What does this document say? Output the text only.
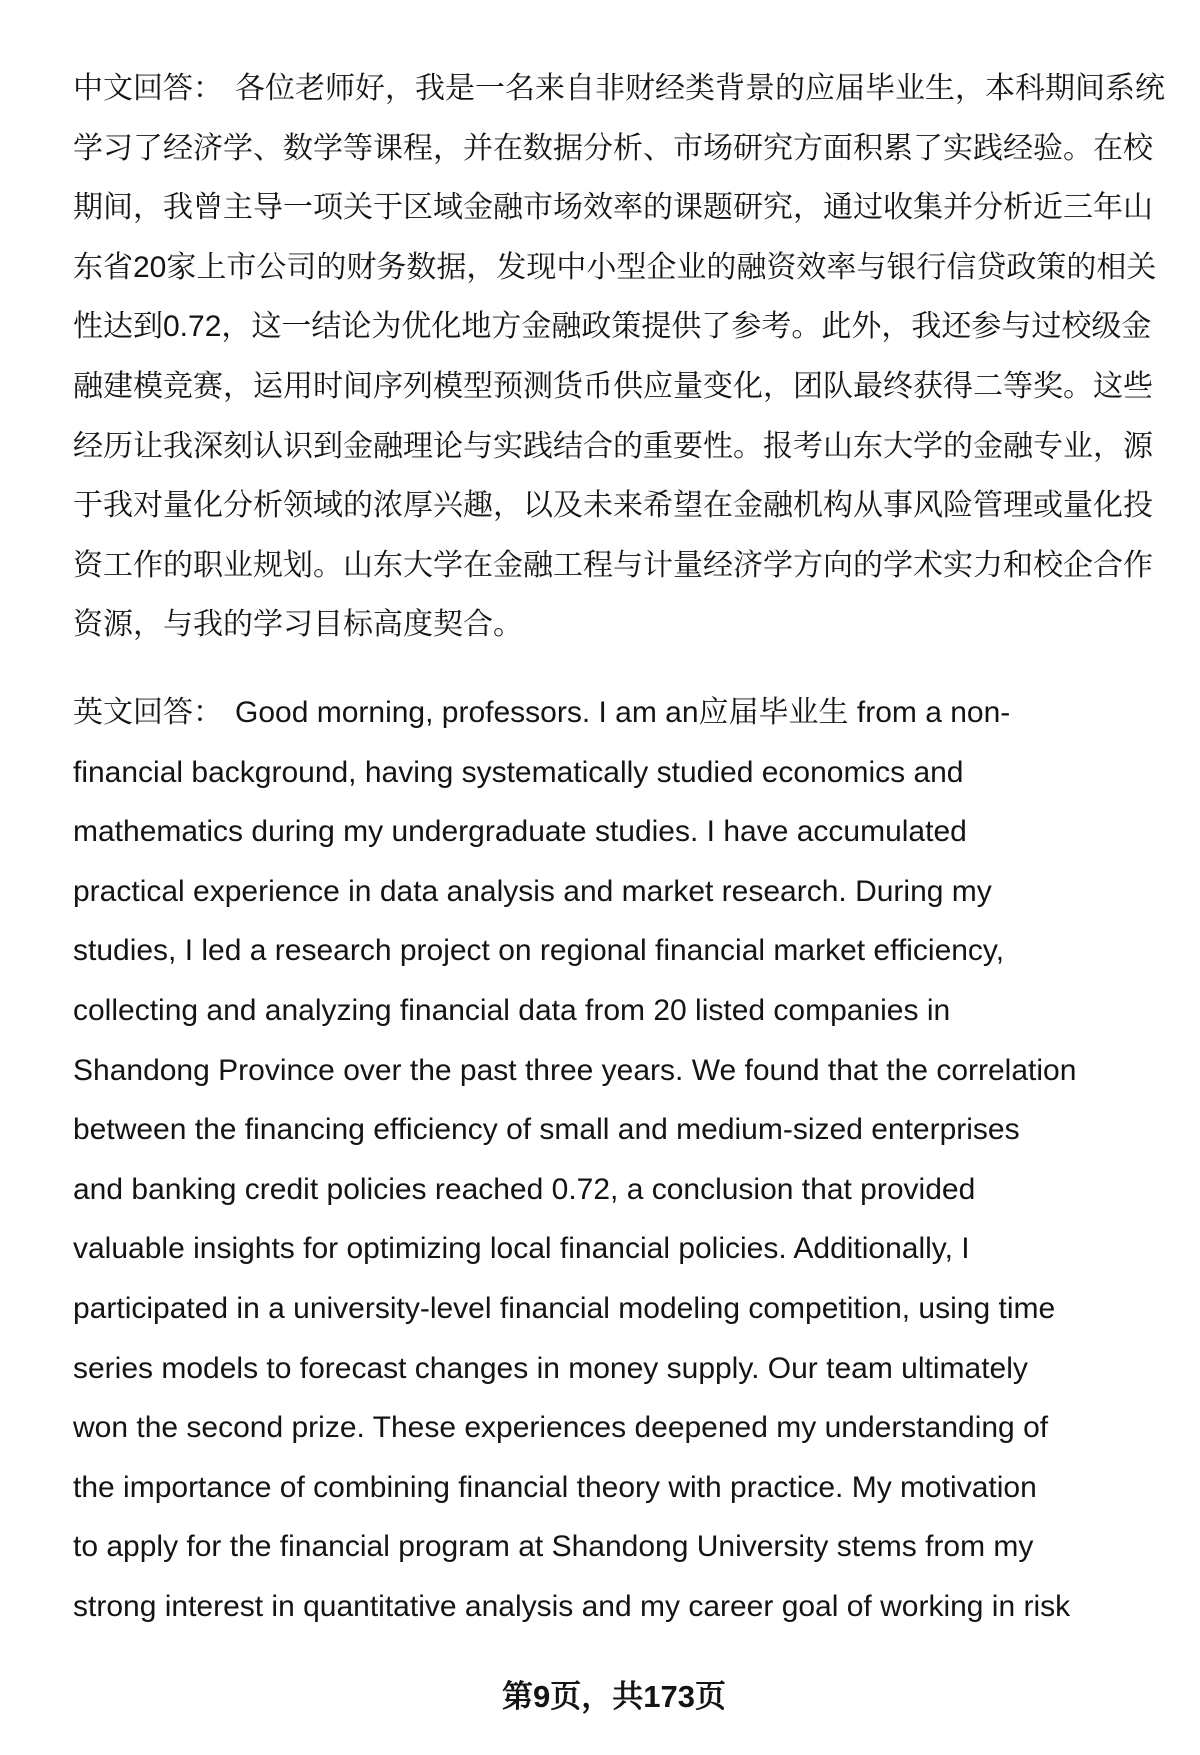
中文回答： 各位老师好，我是一名来自非财经类背景的应届毕业生，本科期间系统
学习了经济学、数学等课程，并在数据分析、市场研究方面积累了实践经验。在校
期间，我曾主导一项关于区域金融市场效率的课题研究，通过收集并分析近三年山
东省20家上市公司的财务数据，发现中小型企业的融资效率与银行信贷政策的相关
性达到0.72，这一结论为优化地方金融政策提供了参考。此外，我还参与过校级金
融建模竞赛，运用时间序列模型预测货币供应量变化，团队最终获得二等奖。这些
经历让我深刻认识到金融理论与实践结合的重要性。报考山东大学的金融专业，源
于我对量化分析领域的浓厚兴趣，以及未来希望在金融机构从事风险管理或量化投
资工作的职业规划。山东大学在金融工程与计量经济学方向的学术实力和校企合作
资源，与我的学习目标高度契合。
英文回答： Good morning, professors. I am an应届毕业生 from a non-
financial background, having systematically studied economics and
mathematics during my undergraduate studies. I have accumulated
practical experience in data analysis and market research. During my
studies, I led a research project on regional financial market efficiency,
collecting and analyzing financial data from 20 listed companies in
Shandong Province over the past three years. We found that the correlation
between the financing efficiency of small and medium-sized enterprises
and banking credit policies reached 0.72, a conclusion that provided
valuable insights for optimizing local financial policies. Additionally, I
participated in a university-level financial modeling competition, using time
series models to forecast changes in money supply. Our team ultimately
won the second prize. These experiences deepened my understanding of
the importance of combining financial theory with practice. My motivation
to apply for the financial program at Shandong University stems from my
strong interest in quantitative analysis and my career goal of working in risk
第9页，共173页
